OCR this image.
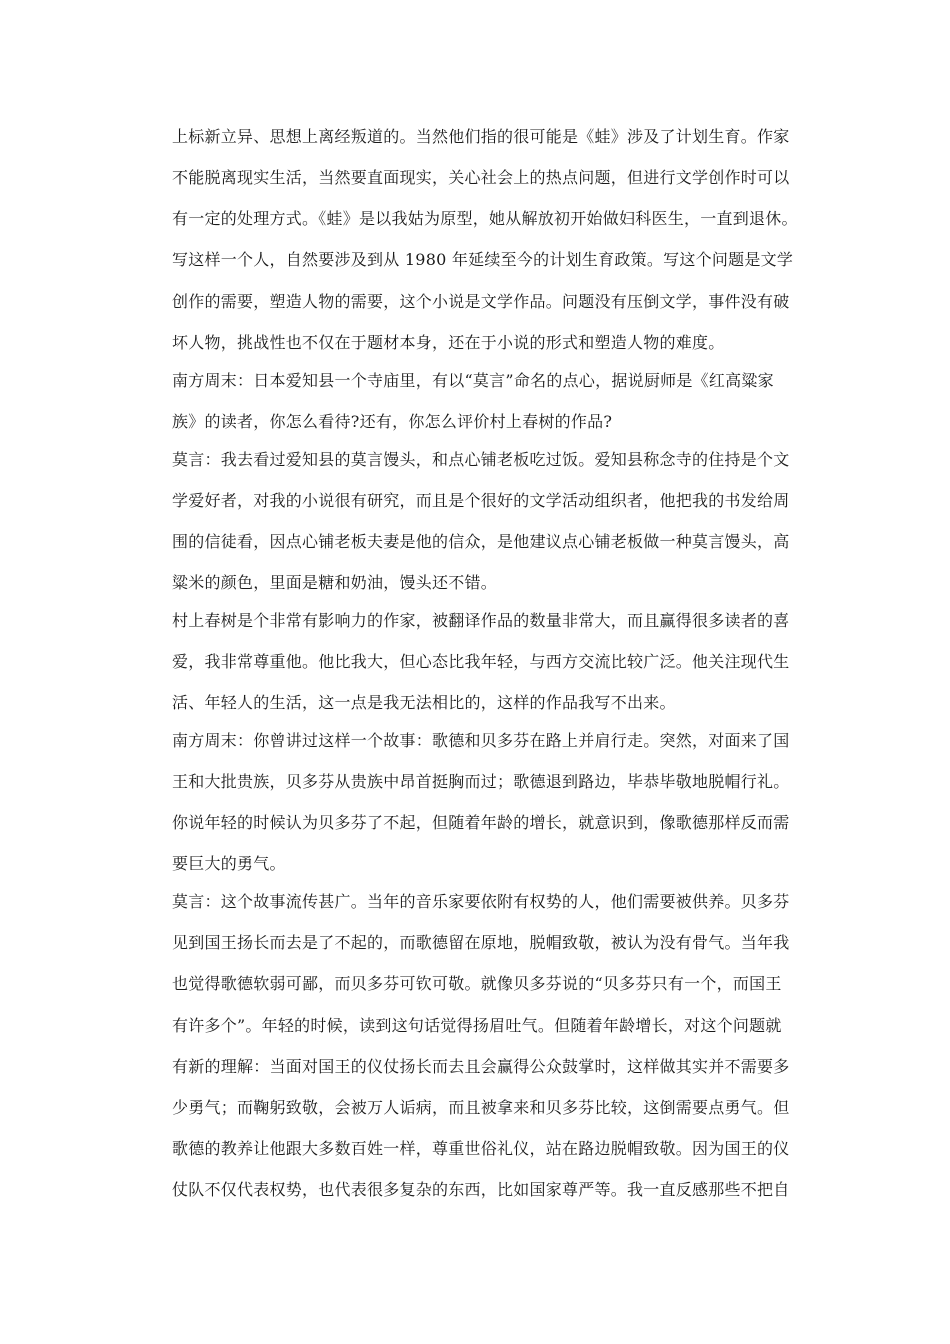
上标新立异、思想上离经叛道的。当然他们指的很可能是《蛙》涉及了计划生育。作家
不能脱离现实生活，当然要直面现实，关心社会上的热点问题，但进行文学创作时可以
有一定的处理方式。《蛙》是以我姑为原型，她从解放初开始做妇科医生，一直到退休。
写这样一个人，自然要涉及到从 1980 年延续至今的计划生育政策。写这个问题是文学
创作的需要，塑造人物的需要，这个小说是文学作品。问题没有压倒文学，事件没有破
坏人物，挑战性也不仅在于题材本身，还在于小说的形式和塑造人物的难度。
南方周末：日本爱知县一个寺庙里，有以“莫言”命名的点心，据说厨师是《红高粱家
族》的读者，你怎么看待?还有，你怎么评价村上春树的作品?
莫言：我去看过爱知县的莫言馒头，和点心铺老板吃过饭。爱知县称念寺的住持是个文
学爱好者，对我的小说很有研究，而且是个很好的文学活动组织者，他把我的书发给周
围的信徒看，因点心铺老板夫妻是他的信众，是他建议点心铺老板做一种莫言馒头，高
粱米的颜色，里面是糖和奶油，馒头还不错。
村上春树是个非常有影响力的作家，被翻译作品的数量非常大，而且赢得很多读者的喜
爱，我非常尊重他。他比我大，但心态比我年轻，与西方交流比较广泛。他关注现代生
活、年轻人的生活，这一点是我无法相比的，这样的作品我写不出来。
南方周末：你曾讲过这样一个故事：歌德和贝多芬在路上并肩行走。突然，对面来了国
王和大批贵族，贝多芬从贵族中昂首挺胸而过；歌德退到路边，毕恭毕敬地脱帽行礼。
你说年轻的时候认为贝多芬了不起，但随着年龄的增长，就意识到，像歌德那样反而需
要巨大的勇气。
莫言：这个故事流传甚广。当年的音乐家要依附有权势的人，他们需要被供养。贝多芬
见到国王扬长而去是了不起的，而歌德留在原地，脱帽致敬，被认为没有骨气。当年我
也觉得歌德软弱可鄙，而贝多芬可钦可敬。就像贝多芬说的“贝多芬只有一个，而国王
有许多个”。年轻的时候，读到这句话觉得扬眉吐气。但随着年龄增长，对这个问题就
有新的理解：当面对国王的仪仗扬长而去且会赢得公众鼓掌时，这样做其实并不需要多
少勇气；而鞠躬致敬，会被万人诟病，而且被拿来和贝多芬比较，这倒需要点勇气。但
歌德的教养让他跟大多数百姓一样，尊重世俗礼仪，站在路边脱帽致敬。因为国王的仪
仗队不仅代表权势，也代表很多复杂的东西，比如国家尊严等。我一直反感那些不把自
